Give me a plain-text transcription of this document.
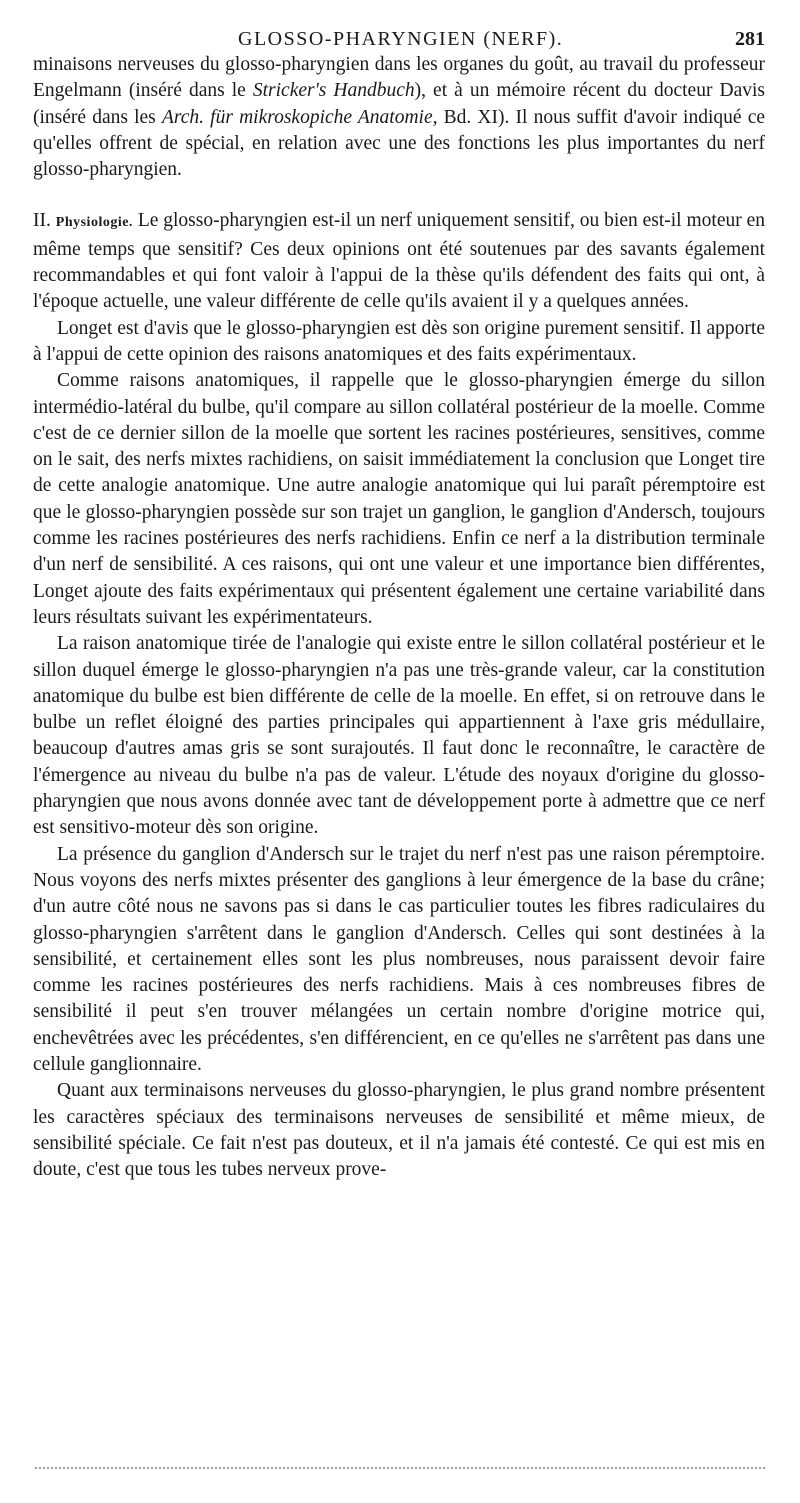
GLOSSO-PHARYNGIEN (NERF).	281

minaisons nerveuses du glosso-pharyngien dans les organes du goût, au travail du professeur Engelmann (inséré dans le Stricker's Handbuch), et à un mémoire récent du docteur Davis (inséré dans les Arch. für mikroskopiche Anatomie, Bd. XI). Il nous suffit d'avoir indiqué ce qu'elles offrent de spécial, en relation avec une des fonctions les plus importantes du nerf glosso-pharyngien.

II. Physiologie. Le glosso-pharyngien est-il un nerf uniquement sensitif, ou bien est-il moteur en même temps que sensitif? Ces deux opinions ont été soutenues par des savants également recommandables et qui font valoir à l'appui de la thèse qu'ils défendent des faits qui ont, à l'époque actuelle, une valeur différente de celle qu'ils avaient il y a quelques années.

Longet est d'avis que le glosso-pharyngien est dès son origine purement sensitif. Il apporte à l'appui de cette opinion des raisons anatomiques et des faits expérimentaux.

Comme raisons anatomiques, il rappelle que le glosso-pharyngien émerge du sillon intermédio-latéral du bulbe, qu'il compare au sillon collatéral postérieur de la moelle. Comme c'est de ce dernier sillon de la moelle que sortent les racines postérieures, sensitives, comme on le sait, des nerfs mixtes rachidiens, on saisit immédiatement la conclusion que Longet tire de cette analogie anatomique. Une autre analogie anatomique qui lui paraît péremptoire est que le glosso-pharyngien possède sur son trajet un ganglion, le ganglion d'Andersch, toujours comme les racines postérieures des nerfs rachidiens. Enfin ce nerf a la distribution terminale d'un nerf de sensibilité. A ces raisons, qui ont une valeur et une importance bien différentes, Longet ajoute des faits expérimentaux qui présentent également une certaine variabilité dans leurs résultats suivant les expérimentateurs.

La raison anatomique tirée de l'analogie qui existe entre le sillon collatéral postérieur et le sillon duquel émerge le glosso-pharyngien n'a pas une très-grande valeur, car la constitution anatomique du bulbe est bien différente de celle de la moelle. En effet, si on retrouve dans le bulbe un reflet éloigné des parties principales qui appartiennent à l'axe gris médullaire, beaucoup d'autres amas gris se sont surajoutés. Il faut donc le reconnaître, le caractère de l'émergence au niveau du bulbe n'a pas de valeur. L'étude des noyaux d'origine du glosso-pharyngien que nous avons donnée avec tant de développement porte à admettre que ce nerf est sensitivo-moteur dès son origine.

La présence du ganglion d'Andersch sur le trajet du nerf n'est pas une raison péremptoire. Nous voyons des nerfs mixtes présenter des ganglions à leur émergence de la base du crâne; d'un autre côté nous ne savons pas si dans le cas particulier toutes les fibres radiculaires du glosso-pharyngien s'arrêtent dans le ganglion d'Andersch. Celles qui sont destinées à la sensibilité, et certainement elles sont les plus nombreuses, nous paraissent devoir faire comme les racines postérieures des nerfs rachidiens. Mais à ces nombreuses fibres de sensibilité il peut s'en trouver mélangées un certain nombre d'origine motrice qui, enchevêtrées avec les précédentes, s'en différencient, en ce qu'elles ne s'arrêtent pas dans une cellule ganglionnaire.

Quant aux terminaisons nerveuses du glosso-pharyngien, le plus grand nombre présentent les caractères spéciaux des terminaisons nerveuses de sensibilité et même mieux, de sensibilité spéciale. Ce fait n'est pas douteux, et il n'a jamais été contesté. Ce qui est mis en doute, c'est que tous les tubes nerveux prove-
